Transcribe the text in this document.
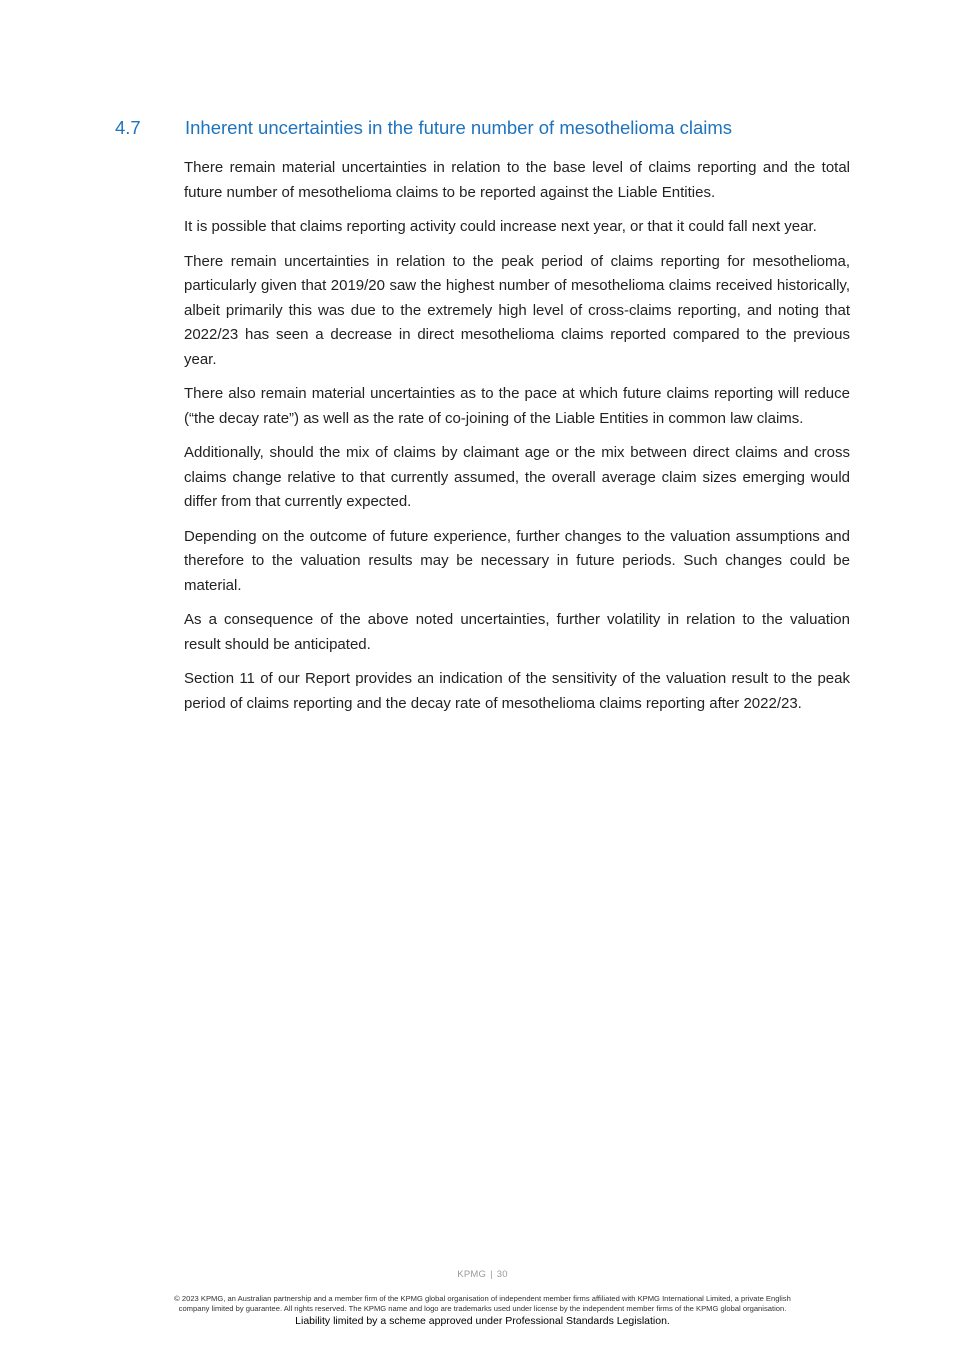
4.7	Inherent uncertainties in the future number of mesothelioma claims

There remain material uncertainties in relation to the base level of claims reporting and the total future number of mesothelioma claims to be reported against the Liable Entities.

It is possible that claims reporting activity could increase next year, or that it could fall next year.

There remain uncertainties in relation to the peak period of claims reporting for mesothelioma, particularly given that 2019/20 saw the highest number of mesothelioma claims received historically, albeit primarily this was due to the extremely high level of cross-claims reporting, and noting that 2022/23 has seen a decrease in direct mesothelioma claims reported compared to the previous year.

There also remain material uncertainties as to the pace at which future claims reporting will reduce (“the decay rate”) as well as the rate of co-joining of the Liable Entities in common law claims.

Additionally, should the mix of claims by claimant age or the mix between direct claims and cross claims change relative to that currently assumed, the overall average claim sizes emerging would differ from that currently expected.

Depending on the outcome of future experience, further changes to the valuation assumptions and therefore to the valuation results may be necessary in future periods. Such changes could be material.

As a consequence of the above noted uncertainties, further volatility in relation to the valuation result should be anticipated.

Section 11 of our Report provides an indication of the sensitivity of the valuation result to the peak period of claims reporting and the decay rate of mesothelioma claims reporting after 2022/23.

KPMG | 30
© 2023 KPMG, an Australian partnership and a member firm of the KPMG global organisation of independent member firms affiliated with KPMG International Limited, a private English
company limited by guarantee. All rights reserved. The KPMG name and logo are trademarks used under license by the independent member firms of the KPMG global organisation.
Liability limited by a scheme approved under Professional Standards Legislation.
